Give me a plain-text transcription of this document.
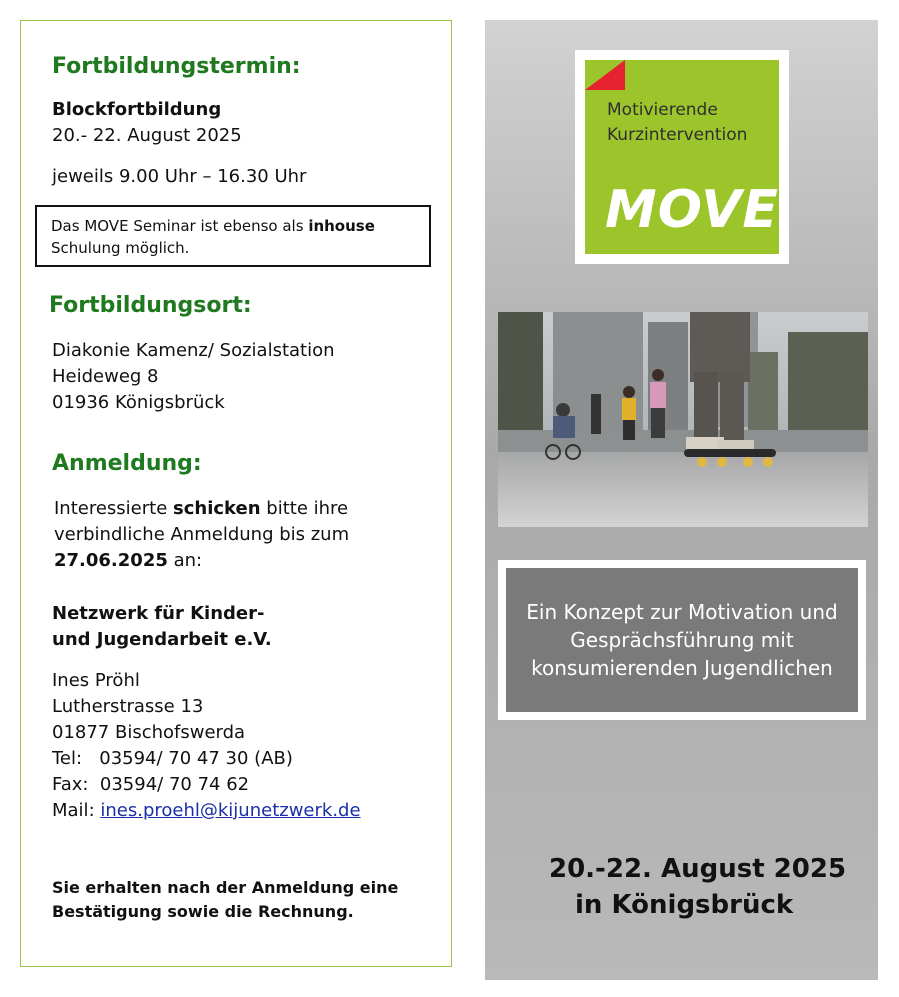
Fortbildungstermin:
Blockfortbildung
20.- 22. August 2025
jeweils 9.00 Uhr – 16.30 Uhr
Das MOVE Seminar ist ebenso als inhouse
Schulung möglich.
Fortbildungsort:
Diakonie Kamenz/ Sozialstation
Heideweg 8
01936 Königsbrück
Anmeldung:
Interessierte schicken bitte ihre
verbindliche Anmeldung bis zum
27.06.2025 an:
Netzwerk für Kinder-
und Jugendarbeit e.V.
Ines Pröhl
Lutherstrasse 13
01877 Bischofswerda
Tel: 03594/ 70 47 30 (AB)
Fax: 03594/ 70 74 62
Mail: ines.proehl@kijunetzwerk.de
Sie erhalten nach der Anmeldung eine
Bestätigung sowie die Rechnung.
Motivierende
Kurzintervention
MOVE
Ein Konzept zur Motivation und Gesprächsführung mit konsumierenden Jugendlichen
20.-22. August 2025
in Königsbrück
